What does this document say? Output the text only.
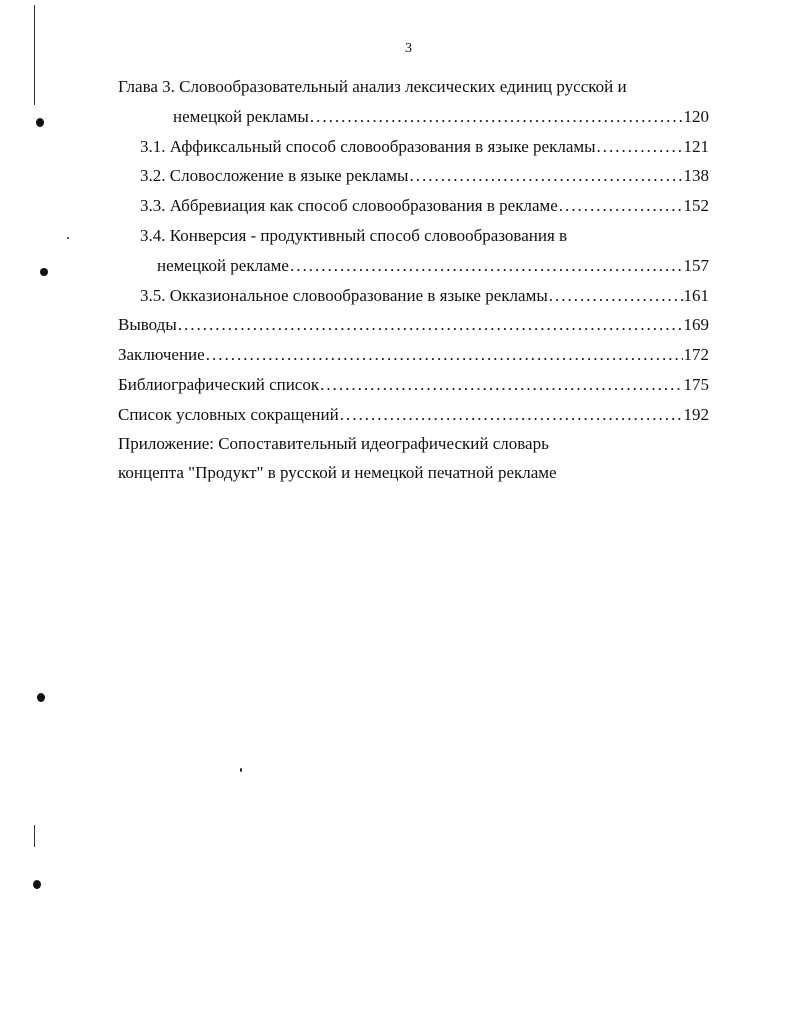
3
Глава 3. Словообразовательный анализ лексических единиц русской и
немецкой рекламы .....	120
3.1. Аффиксальный способ словообразования в языке рекламы .....	121
3.2. Словосложение в языке рекламы .....	138
3.3. Аббревиация как способ словообразования в рекламе .....	152
3.4. Конверсия - продуктивный способ словообразования в
немецкой рекламе .....	157
3.5. Окказиональное словообразование в языке рекламы .....	161
Выводы .....	169
Заключение .....	172
Библиографический список .....	175
Список условных сокращений .....	192
Приложение: Сопоставительный идеографический словарь
концепта "Продукт" в русской и немецкой печатной рекламе
